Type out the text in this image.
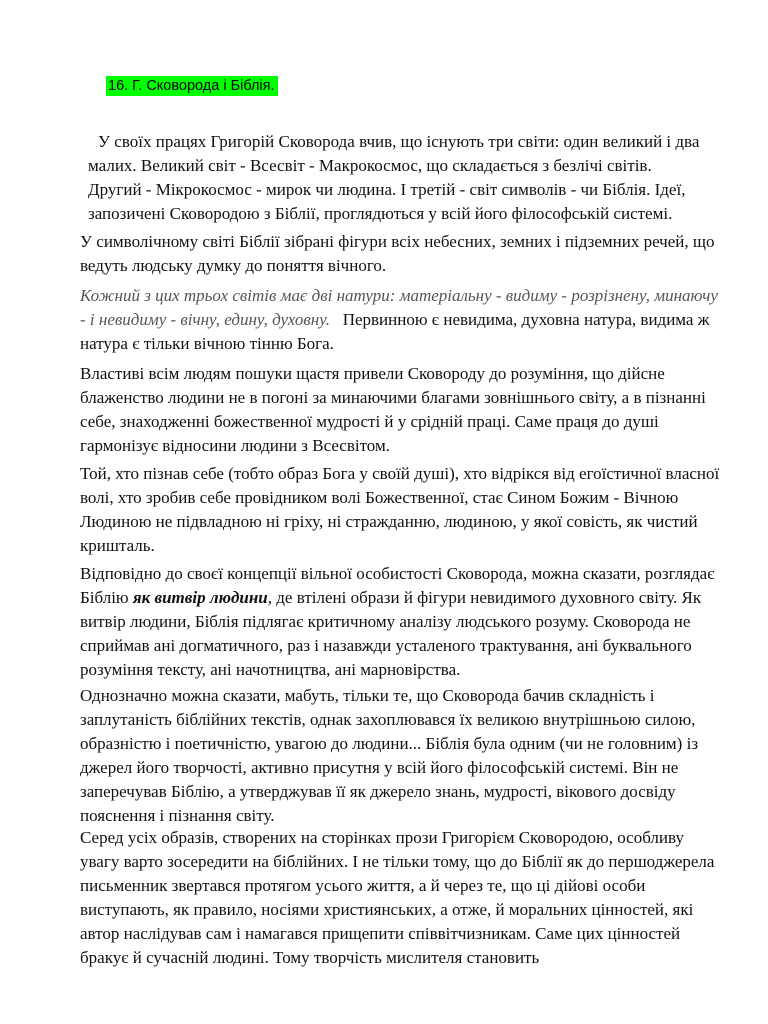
16. Г. Сковорода і Біблія.

У своїх працях Григорій Сковорода вчив, що існують три світи: один великий і два малих. Великий світ - Всесвіт - Макрокосмос, що складається з безлічі світів. Другий - Мікрокосмос - мирок чи людина. І третій - світ символів - чи Біблія. Ідеї, запозичені Сковородою з Біблії, проглядються у всій його філософській системі.

У символічному світі Біблії зібрані фігури всіх небесних, земних і підземних речей, що ведуть людську думку до поняття вічного.

Кожний з цих трьох світів має дві натури: матеріальну - видиму - розрізнену, минаючу - і невидиму - вічну, едину, духовну. Первинною є невидима, духовна натура, видима ж натура є тільки вічною тінню Бога.

Властиві всім людям пошуки щастя привели Сковороду до розуміння, що дійсне блаженство людини не в погоні за минаючими благами зовнішнього світу, а в пізнанні себе, знаходженні божественної мудрості й у срідній праці. Саме праця до душі гармонізує відносини людини з Всесвітом.

Той, хто пізнав себе (тобто образ Бога у своїй душі), хто відрікся від егоїстичної власної волі, хто зробив себе провідником волі Божественної, стає Сином Божим - Вічною Людиною не підвладною ні гріху, ні стражданню, людиною, у якої совість, як чистий кришталь.

Відповідно до своєї концепції вільної особистості Сковорода, можна сказати, розглядає Біблію як витвір людини, де втілені образи й фігури невидимого духовного світу. Як витвір людини, Біблія підлягає критичному аналізу людського розуму. Сковорода не сприймав ані догматичного, раз і назавжди усталеного трактування, ані буквального розуміння тексту, ані начотництва, ані марновірства.

Однозначно можна сказати, мабуть, тільки те, що Сковорода бачив складність і заплутаність біблійних текстів, однак захоплювався їх великою внутрішньою силою, образністю і поетичністю, увагою до людини... Біблія була одним (чи не головним) із джерел його творчості, активно присутня у всій його філософській системі. Він не заперечував Біблію, а утверджував її як джерело знань, мудрості, вікового досвіду пояснення і пізнання світу.

Серед усіх образів, створених на сторінках прози Григорієм Сковородою, особливу увагу варто зосередити на біблійних. І не тільки тому, що до Біблії як до першоджерела письменник звертався протягом усього життя, а й через те, що ці дійові особи виступають, як правило, носіями християнських, а отже, й моральних цінностей, які автор наслідував сам і намагався прищепити співвітчизникам. Саме цих цінностей бракує й сучасній людині. Тому творчість мислителя становить
